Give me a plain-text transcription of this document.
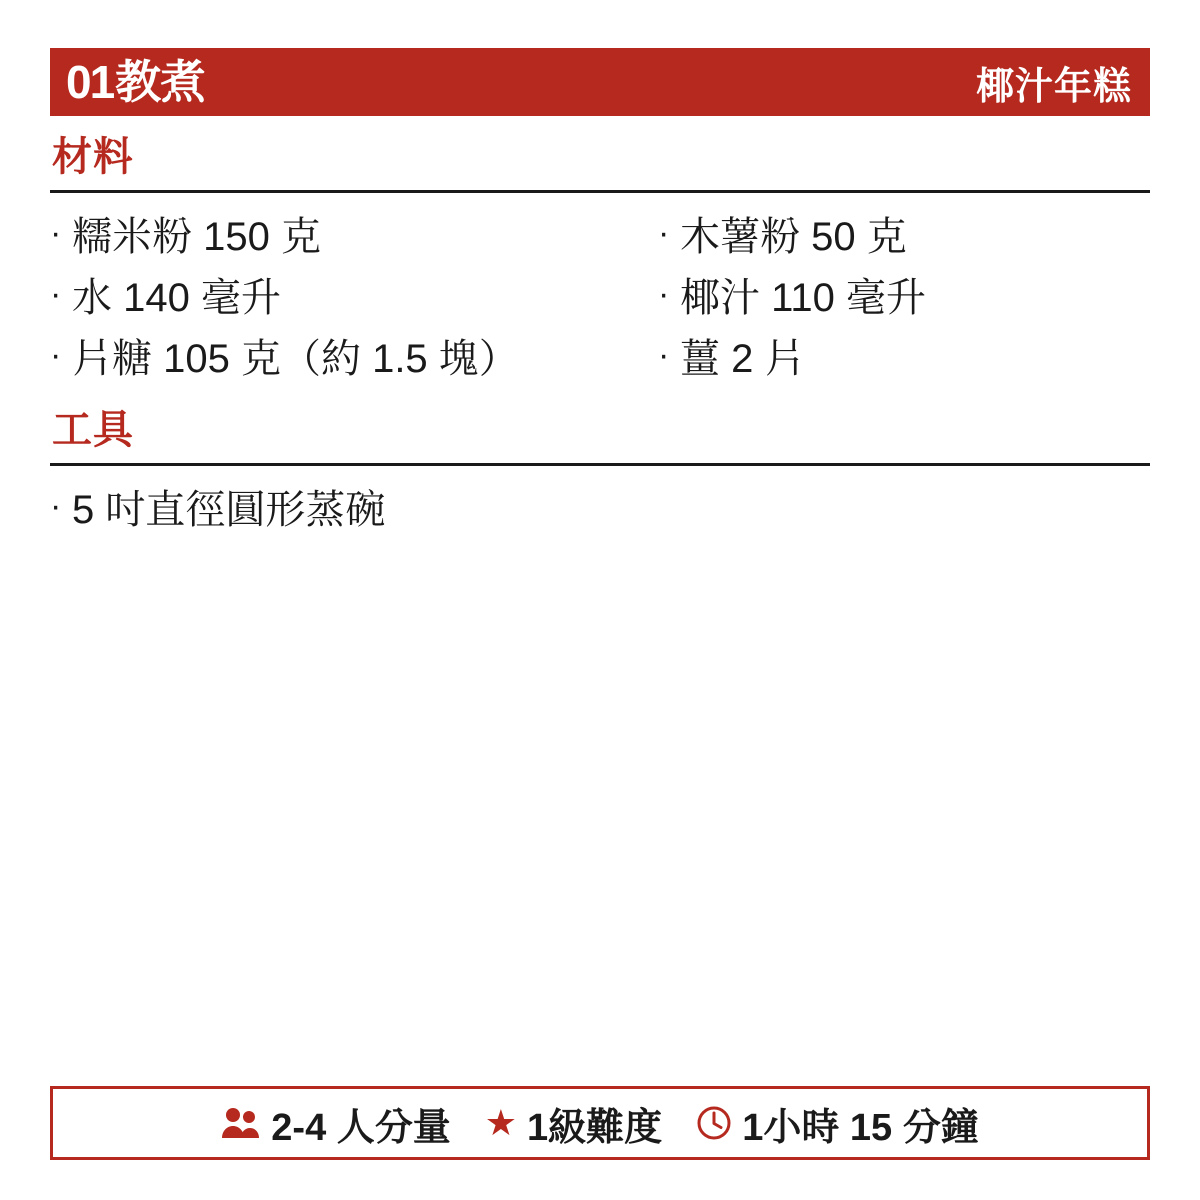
01 教煮	椰汁年糕
材料
· 糯米粉 150 克
· 水 140 毫升
· 片糖 105 克（約 1.5 塊）
· 木薯粉 50 克
· 椰汁 110 毫升
· 薑 2 片
工具
· 5 吋直徑圓形蒸碗
2-4 人分量 ★ 1級難度 1小時 15 分鐘
